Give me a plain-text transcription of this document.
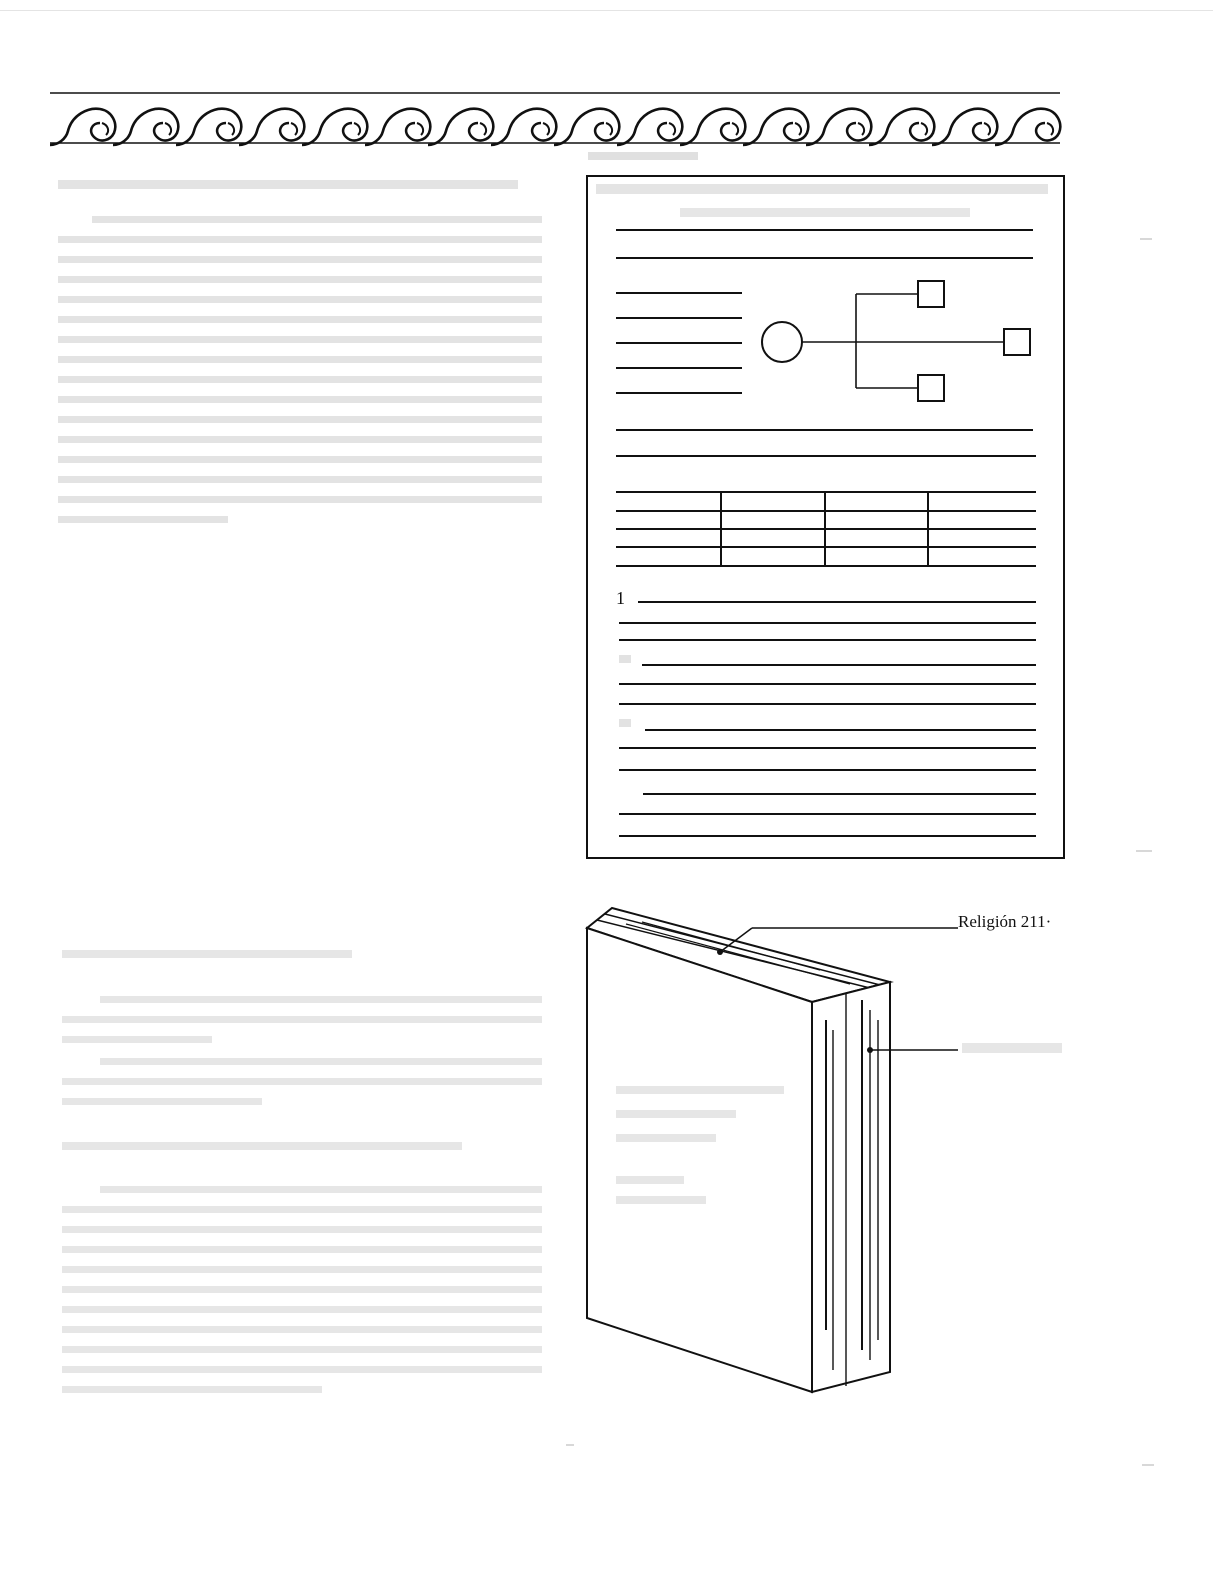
1
Religión 211·
